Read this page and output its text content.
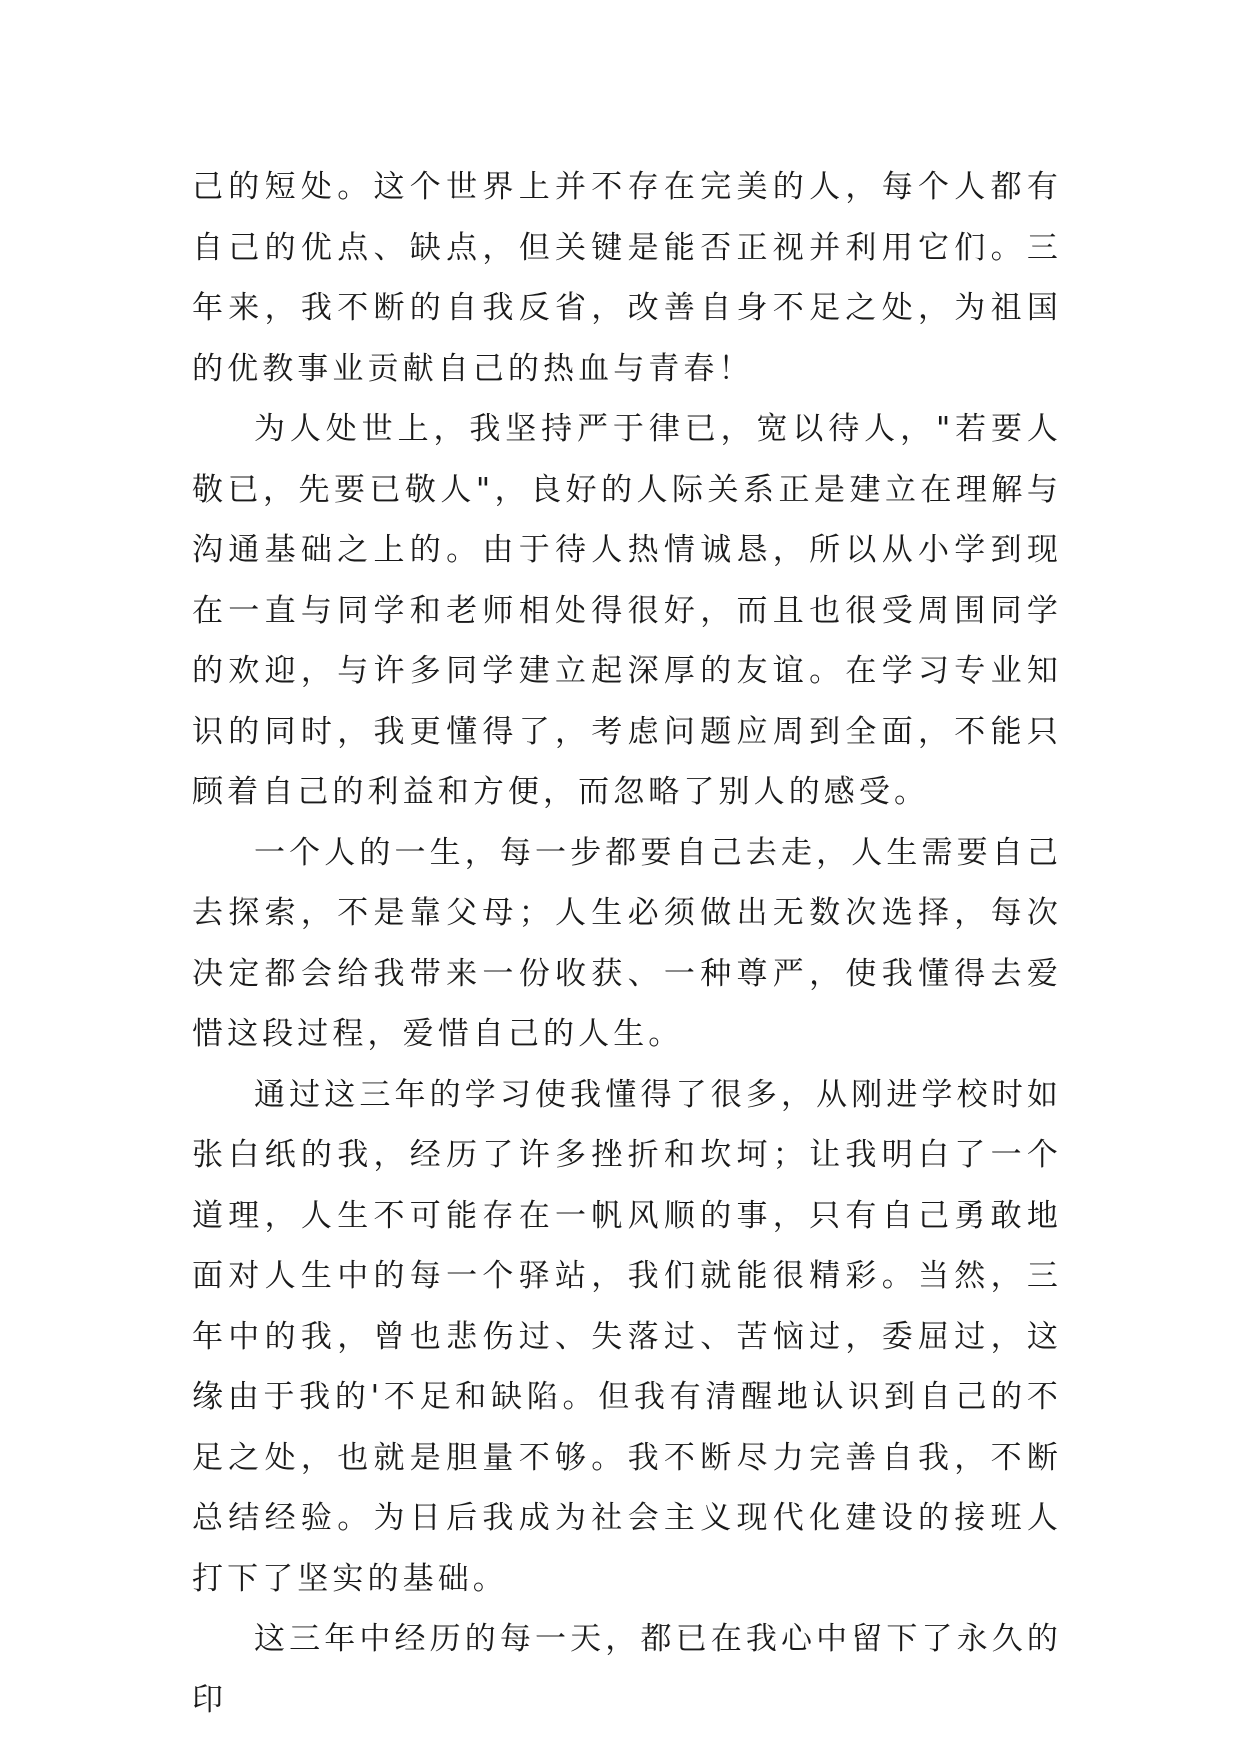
己的短处。这个世界上并不存在完美的人，每个人都有自己的优点、缺点，但关键是能否正视并利用它们。三年来，我不断的自我反省，改善自身不足之处，为祖国的优教事业贡献自己的热血与青春！

为人处世上，我坚持严于律已，宽以待人，"若要人敬已，先要已敬人"，良好的人际关系正是建立在理解与沟通基础之上的。由于待人热情诚恳，所以从小学到现在一直与同学和老师相处得很好，而且也很受周围同学的欢迎，与许多同学建立起深厚的友谊。在学习专业知识的同时，我更懂得了，考虑问题应周到全面，不能只顾着自己的利益和方便，而忽略了别人的感受。

一个人的一生，每一步都要自己去走，人生需要自己去探索，不是靠父母；人生必须做出无数次选择，每次决定都会给我带来一份收获、一种尊严，使我懂得去爱惜这段过程，爱惜自己的人生。

通过这三年的学习使我懂得了很多，从刚进学校时如张白纸的我，经历了许多挫折和坎坷；让我明白了一个道理，人生不可能存在一帆风顺的事，只有自己勇敢地面对人生中的每一个驿站，我们就能很精彩。当然，三年中的我，曾也悲伤过、失落过、苦恼过，委屈过，这缘由于我的'不足和缺陷。但我有清醒地认识到自己的不足之处，也就是胆量不够。我不断尽力完善自我，不断总结经验。为日后我成为社会主义现代化建设的接班人打下了坚实的基础。

这三年中经历的每一天，都已在我心中留下了永久的印
